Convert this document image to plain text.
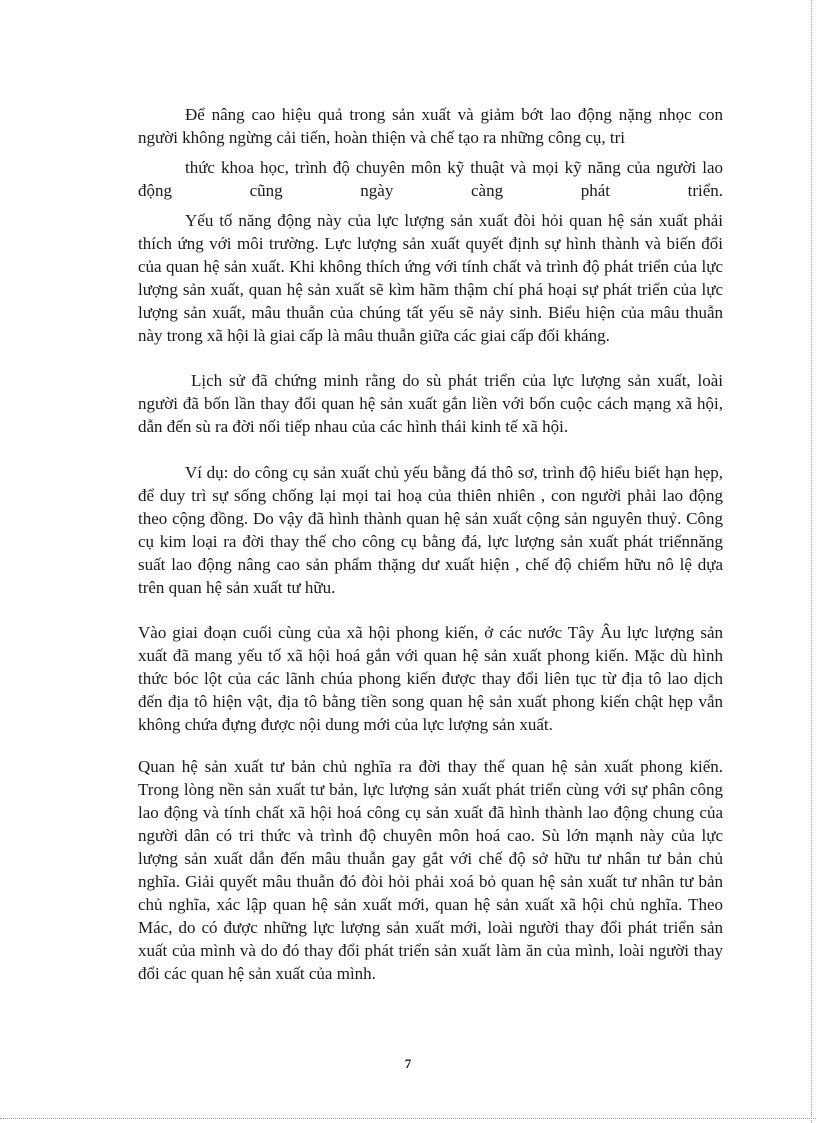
Để nâng cao hiệu quả trong sản xuất và giảm bớt lao động nặng nhọc con người không ngừng cải tiến, hoàn thiện và chế tạo ra những công cụ, tri

thức khoa học, trình độ chuyên môn kỹ thuật và mọi kỹ năng của người lao động cũng ngày càng phát triển.

Yếu tố năng động này của lực lượng sản xuất đòi hỏi quan hệ sản xuất phải thích ứng với môi trường. Lực lượng sản xuất quyết định sự hình thành và biến đổi của quan hệ sản xuất. Khi không thích ứng với tính chất và trình độ phát triển của lực lượng sản xuất, quan hệ sản xuất sẽ kìm hãm thậm chí phá hoại sự phát triển của lực lượng sản xuất, mâu thuẫn của chúng tất yếu sẽ nảy sinh. Biểu hiện của mâu thuẫn này trong xã hội là giai cấp là mâu thuẫn giữa các giai cấp đối kháng.

Lịch sử đã chứng minh rằng do sù phát triển của lực lượng sản xuất, loài người đã bốn lần thay đổi quan hệ sản xuất gắn liền với bốn cuộc cách mạng xã hội, dẫn đến sù ra đời nối tiếp nhau của các hình thái kinh tế xã hội.

Ví dụ: do công cụ sản xuất chủ yếu bằng đá thô sơ, trình độ hiểu biết hạn hẹp, để duy trì sự sống chống lại mọi tai hoạ của thiên nhiên , con người phải lao động theo cộng đồng. Do vậy đã hình thành quan hệ sản xuất cộng sản nguyên thuỷ. Công cụ kim loại ra đời thay thế cho công cụ bằng đá, lực lượng sản xuất phát triểnnăng suất lao động nâng cao sản phẩm thặng dư xuất hiện , chế độ chiếm hữu nô lệ dựa trên quan hệ sản xuất tư hữu.

Vào giai đoạn cuối cùng của xã hội phong kiến, ở các nước Tây Âu lực lượng sản xuất đã mang yếu tố xã hội hoá gắn với quan hệ sản xuất phong kiến. Mặc dù hình thức bóc lột của các lãnh chúa phong kiến được thay đổi liên tục từ địa tô lao dịch đến địa tô hiện vật, địa tô bằng tiền song quan hệ sản xuất phong kiến chật hẹp vẫn không chứa đựng được nội dung mới của lực lượng sản xuất.

Quan hệ sản xuất tư bản chủ nghĩa ra đời thay thế quan hệ sản xuất phong kiến. Trong lòng nền sản xuất tư bản, lực lượng sản xuất phát triển cùng với sự phân công lao động và tính chất xã hội hoá công cụ sản xuất đã hình thành lao động chung của người dân có tri thức và trình độ chuyên môn hoá cao. Sù lớn mạnh này của lực lượng sản xuất dẫn đến mâu thuẫn gay gắt với chế độ sở hữu tư nhân tư bản chủ nghĩa. Giải quyết mâu thuẫn đó đòi hỏi phải xoá bỏ quan hệ sản xuất tư nhân tư bản chủ nghĩa, xác lập quan hệ sản xuất mới, quan hệ sản xuất xã hội chủ nghĩa. Theo Mác, do có được những lực lượng sản xuất mới, loài người thay đổi phát triển sản xuất của mình và do đó thay đổi phát triển sản xuất làm ăn của mình, loài người thay đổi các quan hệ sản xuất của mình.

7
